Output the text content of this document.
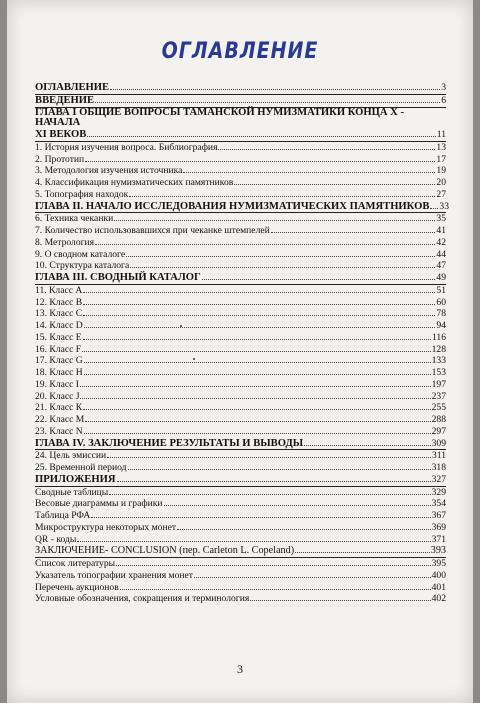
ОГЛАВЛЕНИЕ
ОГЛАВЛЕНИЕ	3
ВВЕДЕНИЕ	6
ГЛАВА I ОБЩИЕ ВОПРОСЫ ТАМАНСКОЙ НУМИЗМАТИКИ КОНЦА Х - НАЧАЛА
ХI ВЕКОВ	11
1. История изучения вопроса. Библиография	13
2. Прототип	17
3. Методология изучения источника	19
4. Классификация нумизматических памятников	20
5. Топография находок	27
ГЛАВА II. НАЧАЛО ИССЛЕДОВАНИЯ НУМИЗМАТИЧЕСКИХ ПАМЯТНИКОВ 33
6. Техника чеканки	35
7. Количество использовавшихся при чеканке штемпелей	41
8. Метрология	42
9. О сводном каталоге	44
10. Структура каталога	47
ГЛАВА III. СВОДНЫЙ КАТАЛОГ	49
11. Класс А	51
12. Класс В	60
13. Класс С	78
14. Класс D	94
15. Класс Е	116
16. Класс F	128
17. Класс G	133
18. Класс Н	153
19. Класс I	197
20. Класс J	237
21. Класс К	255
22. Класс М	288
23. Класс N	297
ГЛАВА IV. ЗАКЛЮЧЕНИЕ РЕЗУЛЬТАТЫ И ВЫВОДЫ	309
24. Цель эмиссии	311
25. Временной период	318
ПРИЛОЖЕНИЯ	327
Сводные таблицы	329
Весовые диаграммы и графики	354
Таблица РФА	367
Микроструктура некоторых монет	369
QR - коды	371
ЗАКЛЮЧЕНИЕ- CONCLUSION (пер. Carleton L. Copeland)	393
Список литературы	395
Указатель топографии хранения монет	400
Перечень аукционов	401
Условные обозначения, сокращения и терминология	402
3
